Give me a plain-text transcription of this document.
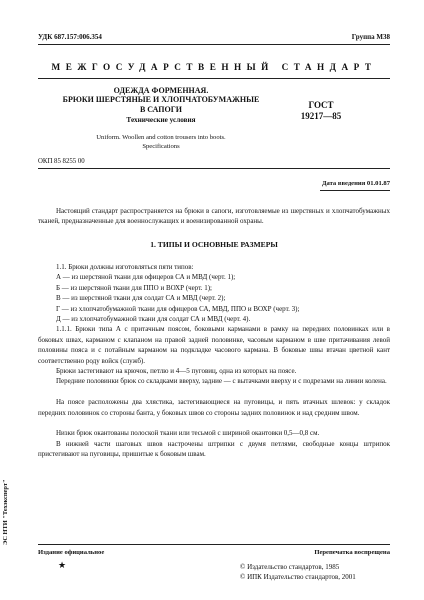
УДК 687.157:006.354	Группа М38
МЕЖГОСУДАРСТВЕННЫЙ СТАНДАРТ
ОДЕЖДА ФОРМЕННАЯ.
БРЮКИ ШЕРСТЯНЫЕ И ХЛОПЧАТОБУМАЖНЫЕ
В САПОГИ
Технические условия
Uniform. Woollen and cotton trousers into boots.
Specifications
ГОСТ
19217—85
ОКП 85 8255 00
Дата введения 01.01.87
Настоящий стандарт распространяется на брюки в сапоги, изготовляемые из шерстяных и хлопчатобумажных тканей, предназначенные для военнослужащих и военизированной охраны.
1. ТИПЫ И ОСНОВНЫЕ РАЗМЕРЫ
1.1. Брюки должны изготовляться пяти типов:
А — из шерстяной ткани для офицеров СА и МВД (черт. 1);
Б — из шерстяной ткани для ППО и ВОХР (черт. 1);
В — из шерстяной ткани для солдат СА и МВД (черт. 2);
Г — из хлопчатобумажной ткани для офицеров СА, МВД, ППО и ВОХР (черт. 3);
Д — из хлопчатобумажной ткани для солдат СА и МВД (черт. 4).
1.1.1. Брюки типа А с притачным поясом, боковыми карманами в рамку на передних половинках или в боковых швах, карманом с клапаном на правой задней половинке, часовым карманом в шве притачивания левой половины пояса и с потайным карманом на подкладке часового кармана. В боковые швы втачан цветной кант соответственно роду войск (служб).
Брюки застегивают на крючок, петлю и 4—5 пуговиц, одна из которых на поясе.
Передние половинки брюк со складками вверху, задние — с вытачками вверху и с подрезами на линии колена.
На поясе расположены два хлястика, застегивающиеся на пуговицы, и пять втачных шлевок: у складок передних половинок со стороны банта, у боковых швов со стороны задних половинок и над средним швом.
Низки брюк окантованы полоской ткани или тесьмой с шириной окантовки 0,5—0,8 см.
В нижней части шаговых швов настрочены штрипки с двумя петлями, свободные концы штрипок пристегивают на пуговицы, пришитые к боковым швам.
Издание официальное	Перепечатка воспрещена
★	© Издательство стандартов, 1985
© ИПК Издательство стандартов, 2001
ЭС НТИ "Техэксперт"
